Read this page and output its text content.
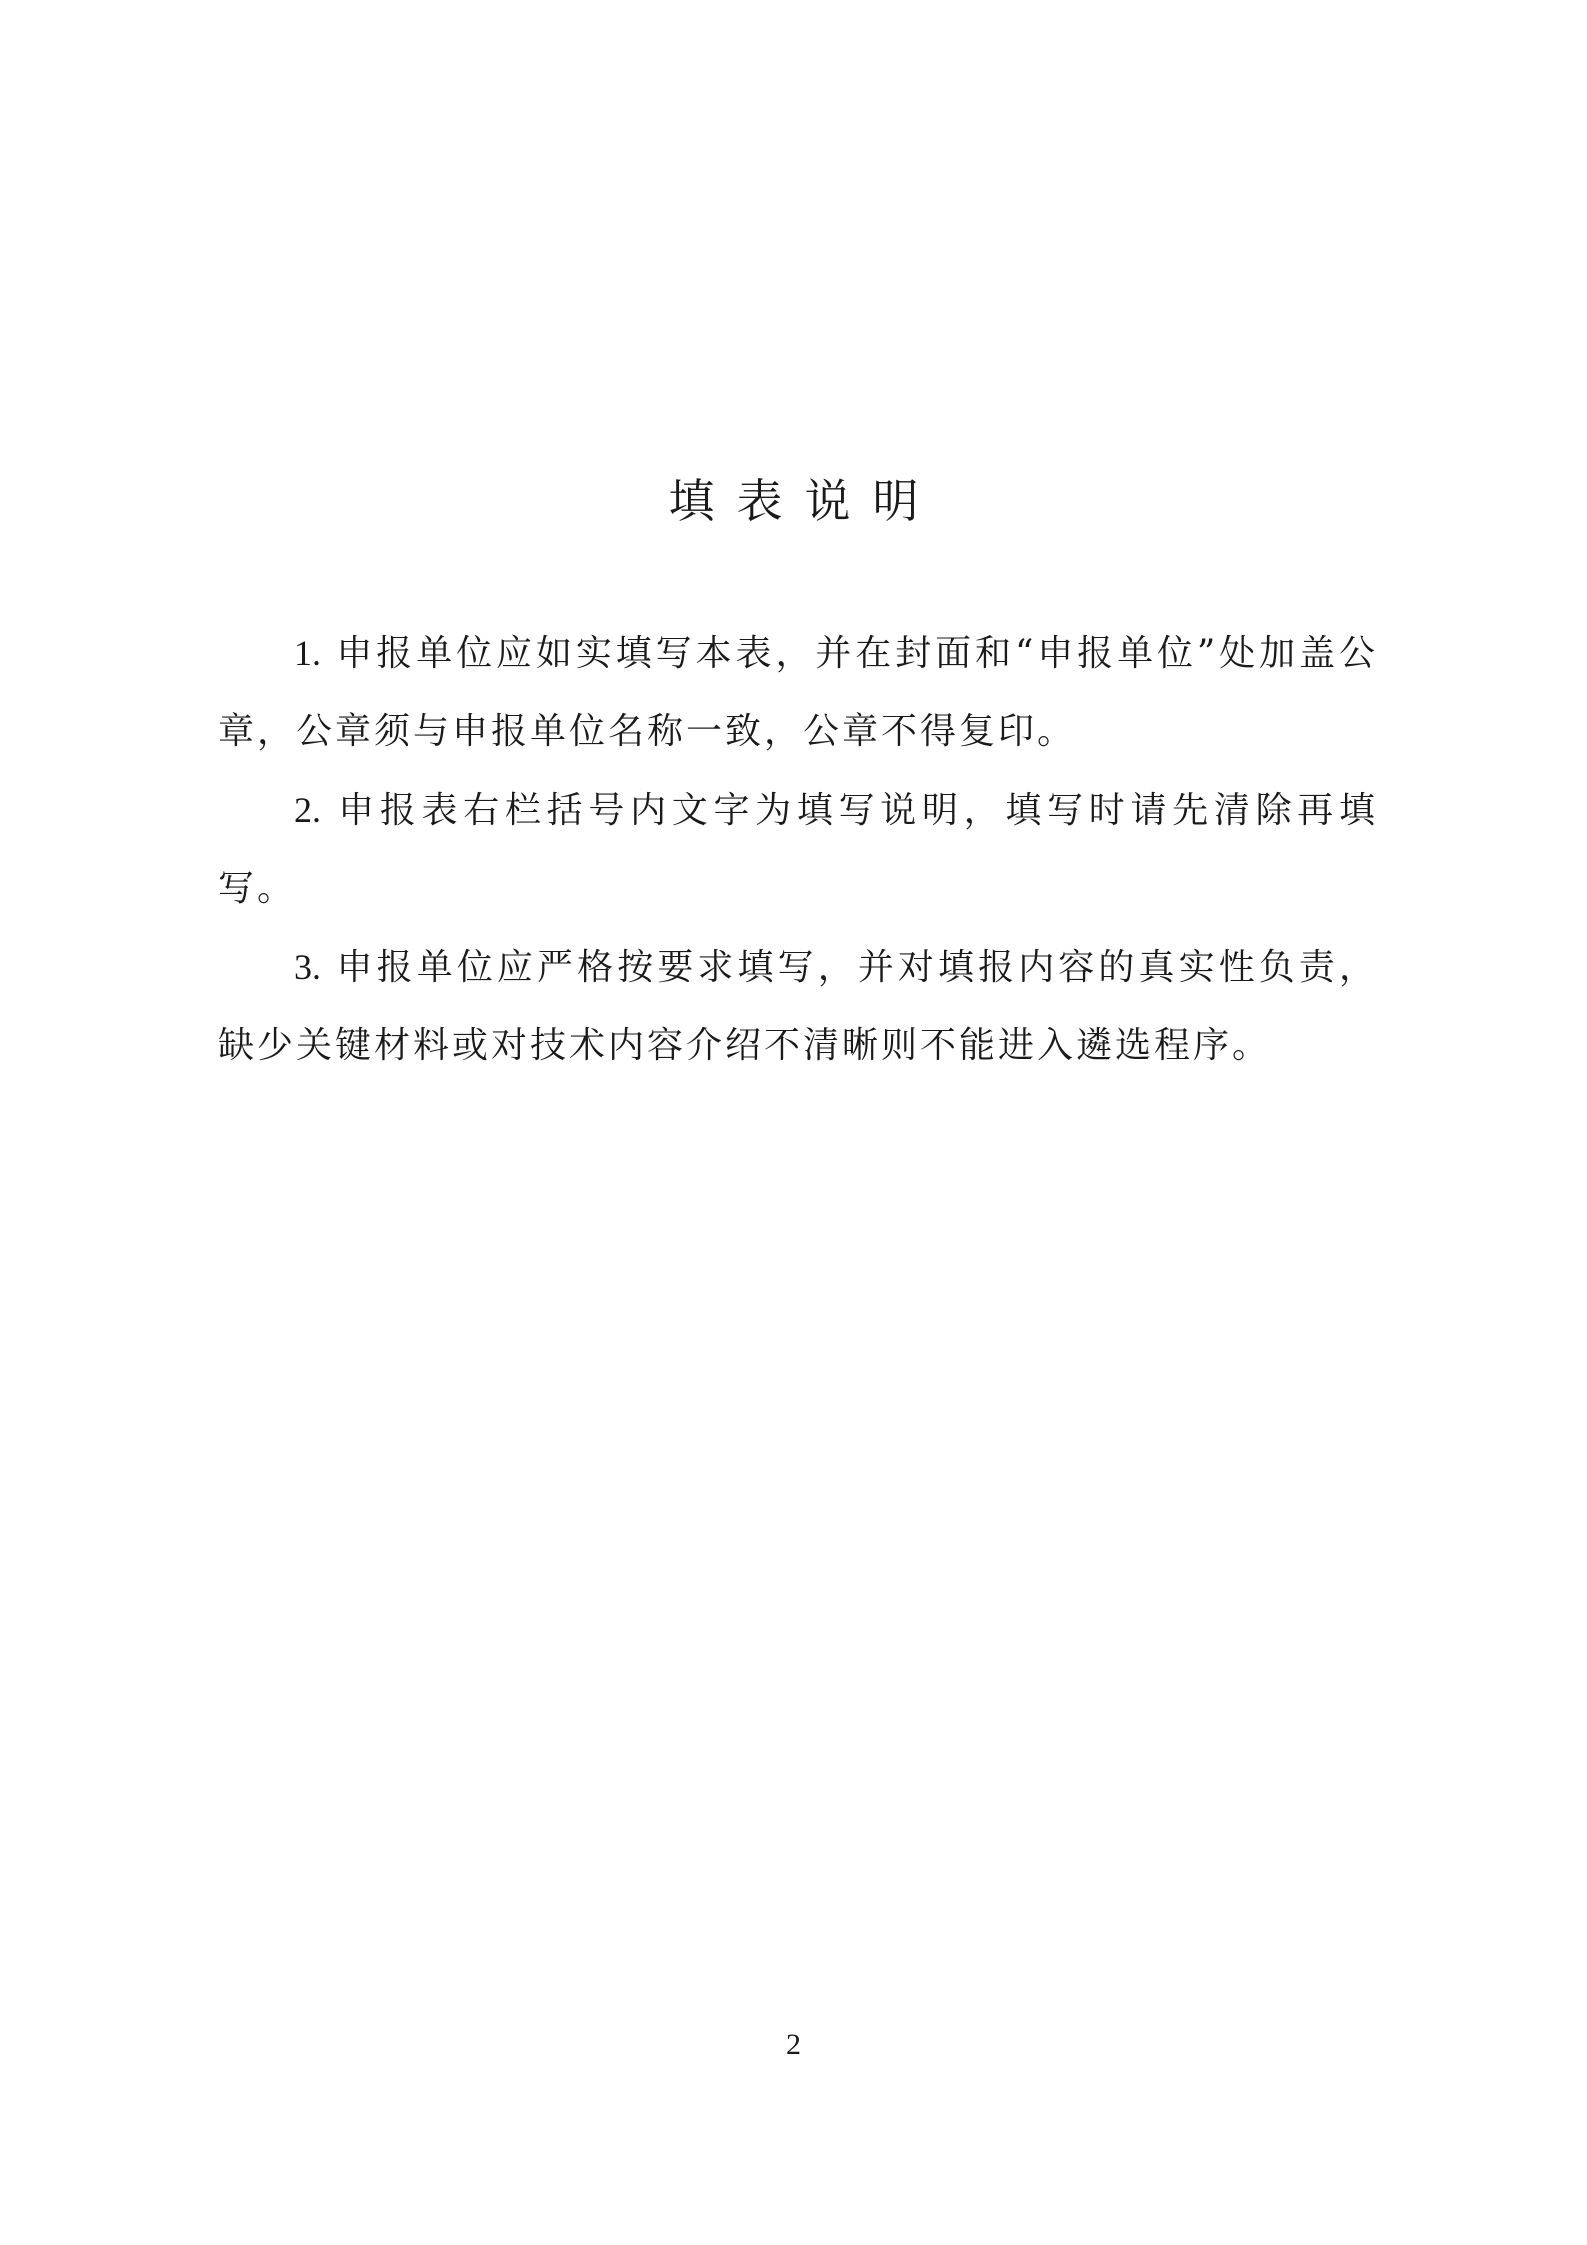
填表说明

1. 申报单位应如实填写本表，并在封面和“申报单位”处加盖公章，公章须与申报单位名称一致，公章不得复印。

2. 申报表右栏括号内文字为填写说明，填写时请先清除再填写。

3. 申报单位应严格按要求填写，并对填报内容的真实性负责，缺少关键材料或对技术内容介绍不清晰则不能进入遴选程序。

2
